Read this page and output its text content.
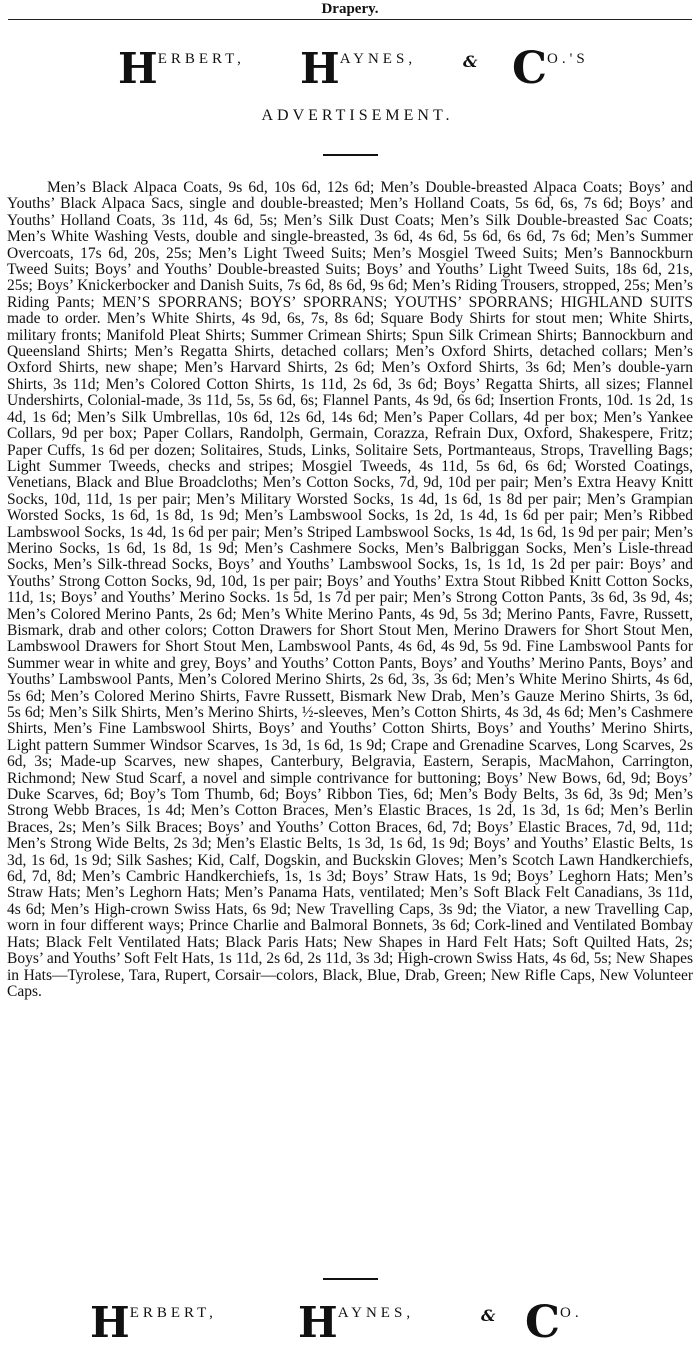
Drapery.
HERBERT, HAYNES,	& CO.'S
ADVERTISEMENT.

Men’s Black Alpaca Coats, 9s 6d, 10s 6d, 12s 6d; Men’s Double-breasted Alpaca Coats; Boys’ and Youths’ Black Alpaca Sacs, single and double-breasted; Men’s Holland Coats, 5s 6d, 6s, 7s 6d; Boys’ and Youths’ Holland Coats, 3s 11d, 4s 6d, 5s; Men’s Silk Dust Coats; Men’s Silk Double-breasted Sac Coats; Men’s White Washing Vests, double and single-breasted, 3s 6d, 4s 6d, 5s 6d, 6s 6d, 7s 6d; Men’s Summer Overcoats, 17s 6d, 20s, 25s; Men’s Light Tweed Suits; Men’s Mosgiel Tweed Suits; Men’s Bannockburn Tweed Suits; Boys’ and Youths’ Double-breasted Suits; Boys’ and Youths’ Light Tweed Suits, 18s 6d, 21s, 25s; Boys’ Knickerbocker and Danish Suits, 7s 6d, 8s 6d, 9s 6d; Men’s Riding Trousers, stropped, 25s; Men’s Riding Pants; MEN’S SPORRANS; BOYS’ SPORRANS; YOUTHS’ SPORRANS; HIGHLAND SUITS made to order. Men’s White Shirts, 4s 9d, 6s, 7s, 8s 6d; Square Body Shirts for stout men; White Shirts, military fronts; Manifold Pleat Shirts; Summer Crimean Shirts; Spun Silk Crimean Shirts; Bannockburn and Queensland Shirts; Men’s Regatta Shirts, detached collars; Men’s Oxford Shirts, detached collars; Men’s Oxford Shirts, new shape; Men’s Harvard Shirts, 2s 6d; Men’s Oxford Shirts, 3s 6d; Men’s double-yarn Shirts, 3s 11d; Men’s Colored Cotton Shirts, 1s 11d, 2s 6d, 3s 6d; Boys’ Regatta Shirts, all sizes; Flannel Undershirts, Colonial-made, 3s 11d, 5s, 5s 6d, 6s; Flannel Pants, 4s 9d, 6s 6d; Insertion Fronts, 10d. 1s 2d, 1s 4d, 1s 6d; Men’s Silk Umbrellas, 10s 6d, 12s 6d, 14s 6d; Men’s Paper Collars, 4d per box; Men’s Yankee Collars, 9d per box; Paper Collars, Randolph, Germain, Corazza, Refrain Dux, Oxford, Shakespere, Fritz; Paper Cuffs, 1s 6d per dozen; Solitaires, Studs, Links, Solitaire Sets, Portmanteaus, Strops, Travelling Bags; Light Summer Tweeds, checks and stripes; Mosgiel Tweeds, 4s 11d, 5s 6d, 6s 6d; Worsted Coatings, Venetians, Black and Blue Broadcloths; Men’s Cotton Socks, 7d, 9d, 10d per pair; Men’s Extra Heavy Knitt Socks, 10d, 11d, 1s per pair; Men’s Military Worsted Socks, 1s 4d, 1s 6d, 1s 8d per pair; Men’s Grampian Worsted Socks, 1s 6d, 1s 8d, 1s 9d; Men’s Lambswool Socks, 1s 2d, 1s 4d, 1s 6d per pair; Men’s Ribbed Lambswool Socks, 1s 4d, 1s 6d per pair; Men’s Striped Lambswool Socks, 1s 4d, 1s 6d, 1s 9d per pair; Men’s Merino Socks, 1s 6d, 1s 8d, 1s 9d; Men’s Cashmere Socks, Men’s Balbriggan Socks, Men’s Lisle-thread Socks, Men’s Silk-thread Socks, Boys’ and Youths’ Lambswool Socks, 1s, 1s 1d, 1s 2d per pair: Boys’ and Youths’ Strong Cotton Socks, 9d, 10d, 1s per pair; Boys’ and Youths’ Extra Stout Ribbed Knitt Cotton Socks, 11d, 1s; Boys’ and Youths’ Merino Socks. 1s 5d, 1s 7d per pair; Men’s Strong Cotton Pants, 3s 6d, 3s 9d, 4s; Men’s Colored Merino Pants, 2s 6d; Men’s White Merino Pants, 4s 9d, 5s 3d; Merino Pants, Favre, Russett, Bismark, drab and other colors; Cotton Drawers for Short Stout Men, Merino Drawers for Short Stout Men, Lambswool Drawers for Short Stout Men, Lambswool Pants, 4s 6d, 4s 9d, 5s 9d. Fine Lambswool Pants for Summer wear in white and grey, Boys’ and Youths’ Cotton Pants, Boys’ and Youths’ Merino Pants, Boys’ and Youths’ Lambswool Pants, Men’s Colored Merino Shirts, 2s 6d, 3s, 3s 6d; Men’s White Merino Shirts, 4s 6d, 5s 6d; Men’s Colored Merino Shirts, Favre Russett, Bismark New Drab, Men’s Gauze Merino Shirts, 3s 6d, 5s 6d; Men’s Silk Shirts, Men’s Merino Shirts, ½-sleeves, Men’s Cotton Shirts, 4s 3d, 4s 6d; Men’s Cashmere Shirts, Men’s Fine Lambswool Shirts, Boys’ and Youths’ Cotton Shirts, Boys’ and Youths’ Merino Shirts, Light pattern Summer Windsor Scarves, 1s 3d, 1s 6d, 1s 9d; Crape and Grenadine Scarves, Long Scarves, 2s 6d, 3s; Made-up Scarves, new shapes, Canterbury, Belgravia, Eastern, Serapis, MacMahon, Carrington, Richmond; New Stud Scarf, a novel and simple contrivance for buttoning; Boys’ New Bows, 6d, 9d; Boys’ Duke Scarves, 6d; Boy’s Tom Thumb, 6d; Boys’ Ribbon Ties, 6d; Men’s Body Belts, 3s 6d, 3s 9d; Men’s Strong Webb Braces, 1s 4d; Men’s Cotton Braces, Men’s Elastic Braces, 1s 2d, 1s 3d, 1s 6d; Men’s Berlin Braces, 2s; Men’s Silk Braces; Boys’ and Youths’ Cotton Braces, 6d, 7d; Boys’ Elastic Braces, 7d, 9d, 11d; Men’s Strong Wide Belts, 2s 3d; Men’s Elastic Belts, 1s 3d, 1s 6d, 1s 9d; Boys’ and Youths’ Elastic Belts, 1s 3d, 1s 6d, 1s 9d; Silk Sashes; Kid, Calf, Dogskin, and Buckskin Gloves; Men’s Scotch Lawn Handkerchiefs, 6d, 7d, 8d; Men’s Cambric Handkerchiefs, 1s, 1s 3d; Boys’ Straw Hats, 1s 9d; Boys’ Leghorn Hats; Men’s Straw Hats; Men’s Leghorn Hats; Men’s Panama Hats, ventilated; Men’s Soft Black Felt Canadians, 3s 11d, 4s 6d; Men’s High-crown Swiss Hats, 6s 9d; New Travelling Caps, 3s 9d; the Viator, a new Travelling Cap, worn in four different ways; Prince Charlie and Balmoral Bonnets, 3s 6d; Cork-lined and Ventilated Bombay Hats; Black Felt Ventilated Hats; Black Paris Hats; New Shapes in Hard Felt Hats; Soft Quilted Hats, 2s; Boys’ and Youths’ Soft Felt Hats, 1s 11d, 2s 6d, 2s 11d, 3s 3d; High-crown Swiss Hats, 4s 6d, 5s; New Shapes in Hats—Tyrolese, Tara, Rupert, Corsair—colors, Black, Blue, Drab, Green; New Rifle Caps, New Volunteer Caps.

HERBERT, HAYNES,	& CO.
